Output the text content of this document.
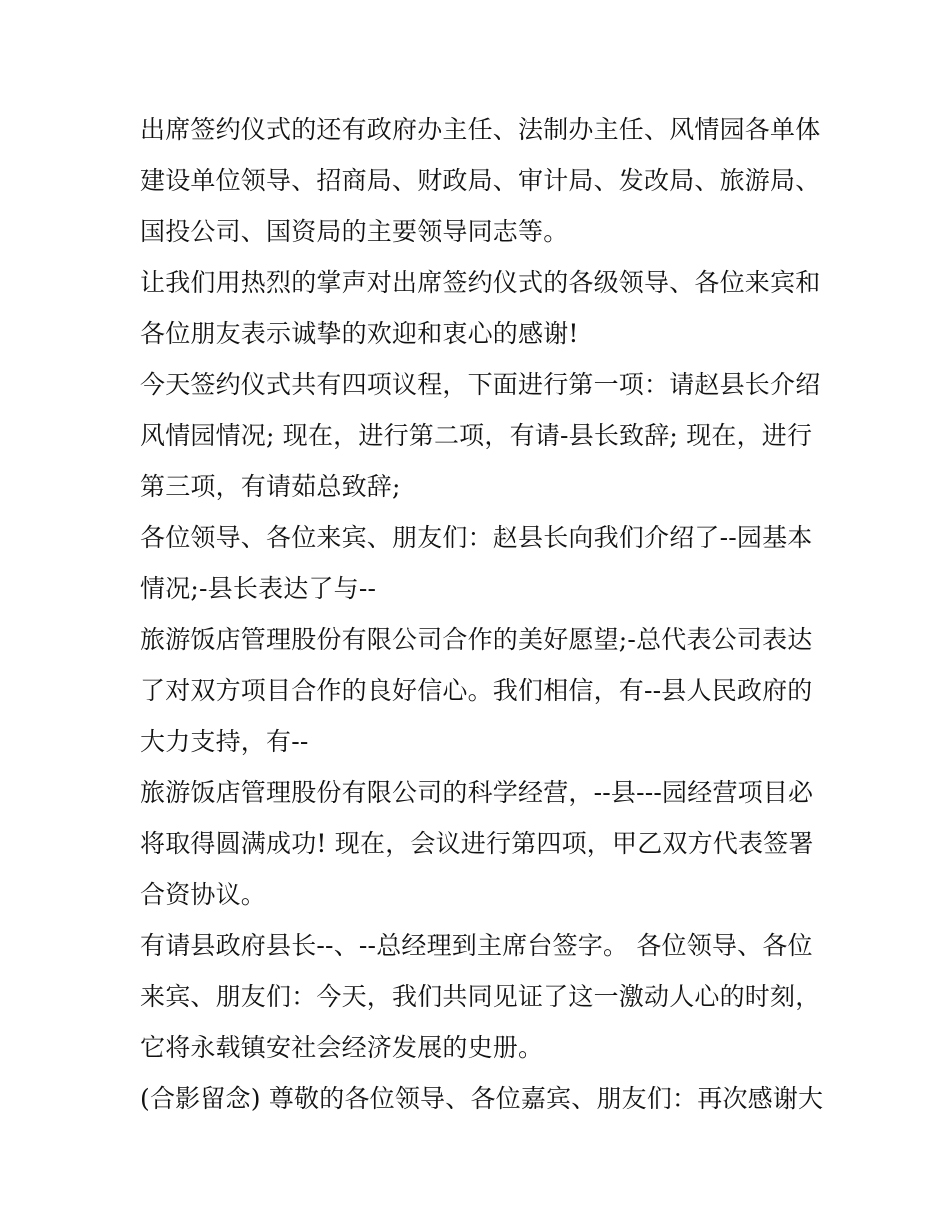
出席签约仪式的还有政府办主任、法制办主任、风情园各单体
建设单位领导、招商局、财政局、审计局、发改局、旅游局、
国投公司、国资局的主要领导同志等。
让我们用热烈的掌声对出席签约仪式的各级领导、各位来宾和
各位朋友表示诚挚的欢迎和衷心的感谢!
今天签约仪式共有四项议程，下面进行第一项：请赵县长介绍
风情园情况; 现在，进行第二项，有请-县长致辞; 现在，进行
第三项，有请茹总致辞;
各位领导、各位来宾、朋友们：赵县长向我们介绍了--园基本
情况;-县长表达了与--
旅游饭店管理股份有限公司合作的美好愿望;-总代表公司表达
了对双方项目合作的良好信心。我们相信，有--县人民政府的
大力支持，有--
旅游饭店管理股份有限公司的科学经营，--县---园经营项目必
将取得圆满成功! 现在，会议进行第四项，甲乙双方代表签署
合资协议。
有请县政府县长--、--总经理到主席台签字。 各位领导、各位
来宾、朋友们：今天，我们共同见证了这一激动人心的时刻，
它将永载镇安社会经济发展的史册。
(合影留念) 尊敬的各位领导、各位嘉宾、朋友们：再次感谢大
